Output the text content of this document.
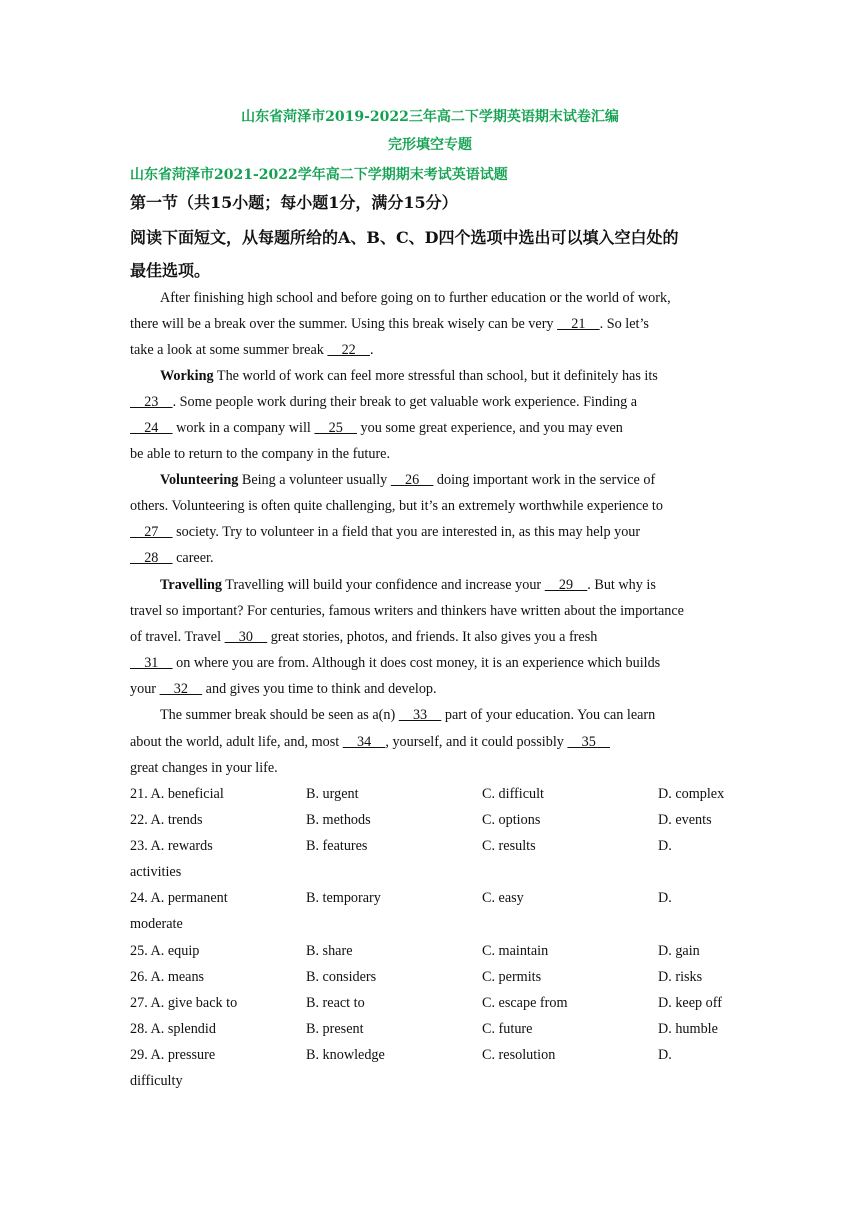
山东省菏泽市2019-2022三年高二下学期英语期末试卷汇编
完形填空专题
山东省菏泽市2021-2022学年高二下学期期末考试英语试题
第一节（共15小题；每小题1分，满分15分）
阅读下面短文，从每题所给的A、B、C、D四个选项中选出可以填入空白处的
最佳选项。
After finishing high school and before going on to further education or the world of work,
there will be a break over the summer. Using this break wisely can be very     21    . So let’s
take a look at some summer break     22    .
Working The world of work can feel more stressful than school, but it definitely has its
23    . Some people work during their break to get valuable work experience. Finding a
24     work in a company will     25     you some great experience, and you may even
be able to return to the company in the future.
Volunteering Being a volunteer usually     26     doing important work in the service of
others. Volunteering is often quite challenging, but it’s an extremely worthwhile experience to
27     society. Try to volunteer in a field that you are interested in, as this may help your
28     career.
Travelling Travelling will build your confidence and increase your     29    . But why is
travel so important? For centuries, famous writers and thinkers have written about the importance
of travel. Travel     30     great stories, photos, and friends. It also gives you a fresh
31     on where you are from. Although it does cost money, it is an experience which builds
your     32     and gives you time to think and develop.
The summer break should be seen as a(n)     33     part of your education. You can learn
about the world, adult life, and, most     34    , yourself, and it could possibly     35
great changes in your life.
21. A. beneficial	B. urgent	C. difficult	D. complex
22. A. trends	B. methods	C. options	D. events
23. A. rewards	B. features	C. results	D.
activities
24. A. permanent	B. temporary	C. easy	D.
moderate
25. A. equip	B. share	C. maintain	D. gain
26. A. means	B. considers	C. permits	D. risks
27. A. give back to	B. react to	C. escape from	D. keep off
28. A. splendid	B. present	C. future	D. humble
29. A. pressure	B. knowledge	C. resolution	D.
difficulty
